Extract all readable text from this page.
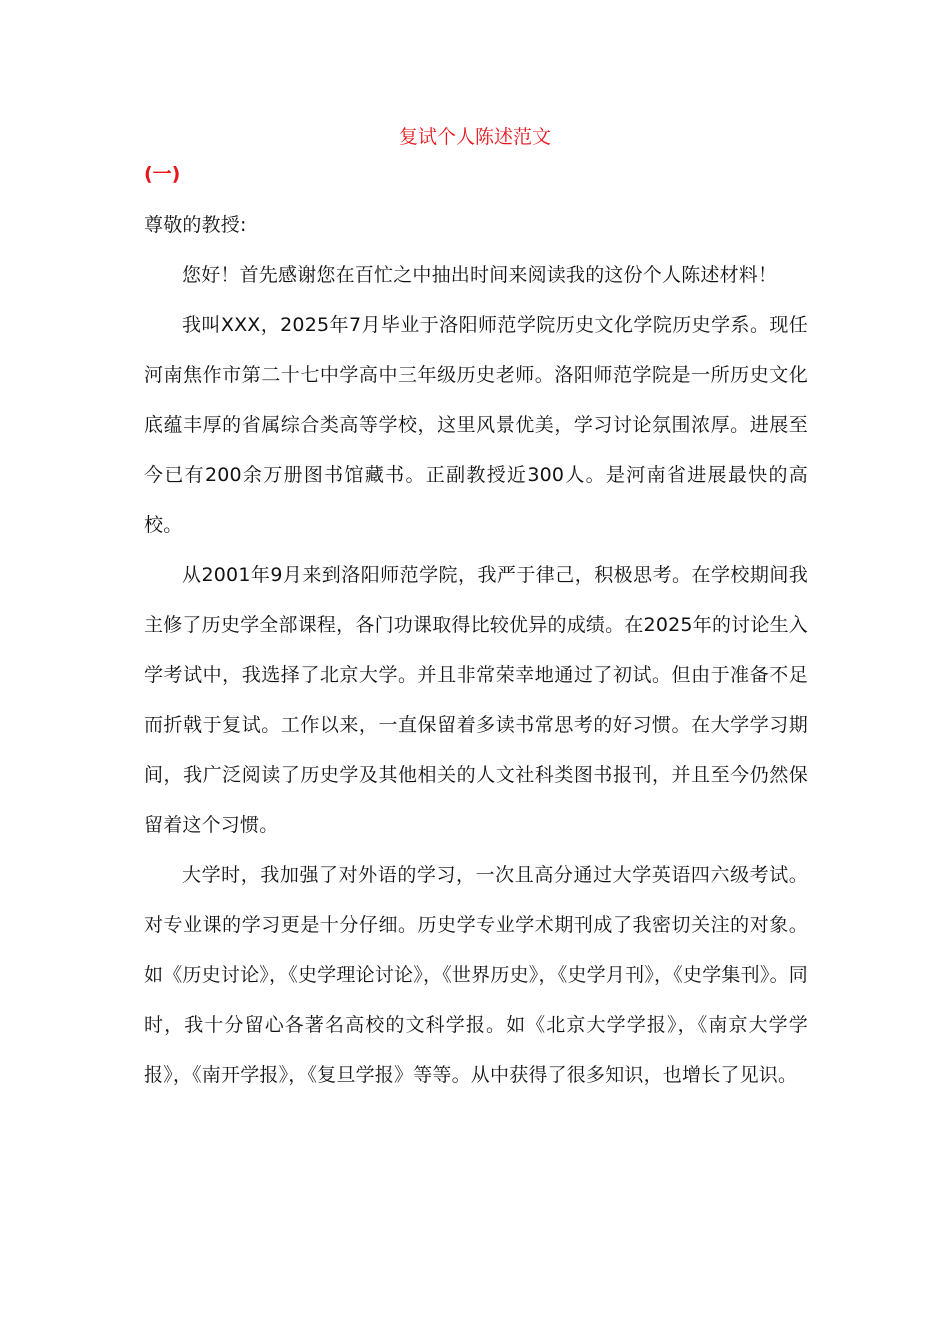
复试个人陈述范文
(一)

尊敬的教授:

您好！首先感谢您在百忙之中抽出时间来阅读我的这份个人陈述材料！

我叫XXX，2025年7月毕业于洛阳师范学院历史文化学院历史学系。现任河南焦作市第二十七中学高中三年级历史老师。洛阳师范学院是一所历史文化底蕴丰厚的省属综合类高等学校，这里风景优美，学习讨论氛围浓厚。进展至今已有200余万册图书馆藏书。正副教授近300人。是河南省进展最快的高校。

从2001年9月来到洛阳师范学院，我严于律己，积极思考。在学校期间我主修了历史学全部课程，各门功课取得比较优异的成绩。在2025年的讨论生入学考试中，我选择了北京大学。并且非常荣幸地通过了初试。但由于准备不足而折戟于复试。工作以来，一直保留着多读书常思考的好习惯。在大学学习期间，我广泛阅读了历史学及其他相关的人文社科类图书报刊，并且至今仍然保留着这个习惯。

大学时，我加强了对外语的学习，一次且高分通过大学英语四六级考试。对专业课的学习更是十分仔细。历史学专业学术期刊成了我密切关注的对象。如《历史讨论》，《史学理论讨论》，《世界历史》，《史学月刊》，《史学集刊》。同时，我十分留心各著名高校的文科学报。如《北京大学学报》，《南京大学学报》，《南开学报》，《复旦学报》等等。从中获得了很多知识，也增长了见识。
